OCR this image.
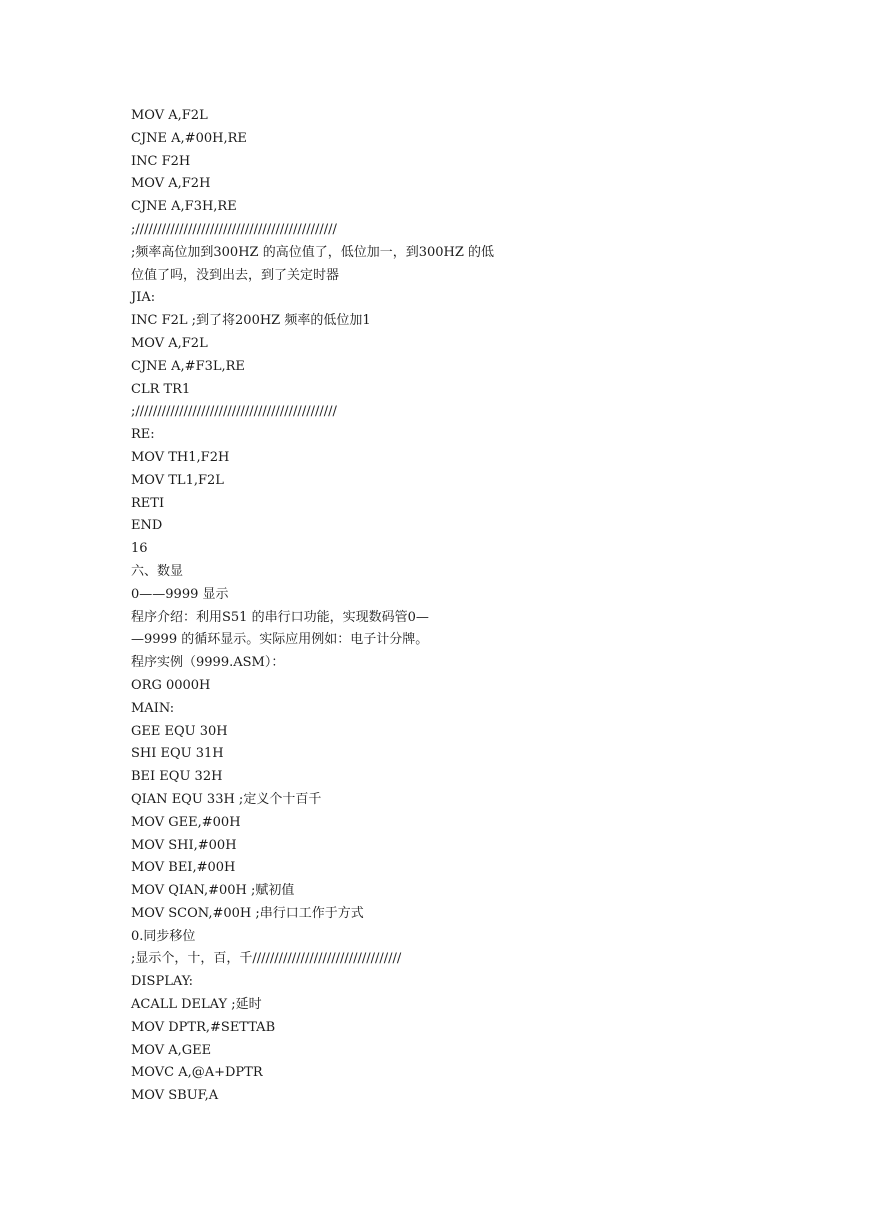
MOV A,F2L
CJNE A,#00H,RE
INC F2H
MOV A,F2H
CJNE A,F3H,RE
;//////////////////////////////////////////////
;频率高位加到300HZ 的高位值了，低位加一，到300HZ 的低
位值了吗，没到出去，到了关定时器
JIA:
INC F2L ;到了将200HZ 频率的低位加1
MOV A,F2L
CJNE A,#F3L,RE
CLR TR1
;//////////////////////////////////////////////
RE:
MOV TH1,F2H
MOV TL1,F2L
RETI
END
16
六、数显
0——9999 显示
程序介绍：利用S51 的串行口功能，实现数码管0—
—9999 的循环显示。实际应用例如：电子计分牌。
程序实例（9999.ASM）：
ORG 0000H
MAIN:
GEE EQU 30H
SHI EQU 31H
BEI EQU 32H
QIAN EQU 33H ;定义个十百千
MOV GEE,#00H
MOV SHI,#00H
MOV BEI,#00H
MOV QIAN,#00H ;赋初值
MOV SCON,#00H ;串行口工作于方式
0.同步移位
;显示个，十，百，千//////////////////////////////////
DISPLAY:
ACALL DELAY ;延时
MOV DPTR,#SETTAB
MOV A,GEE
MOVC A,@A+DPTR
MOV SBUF,A
